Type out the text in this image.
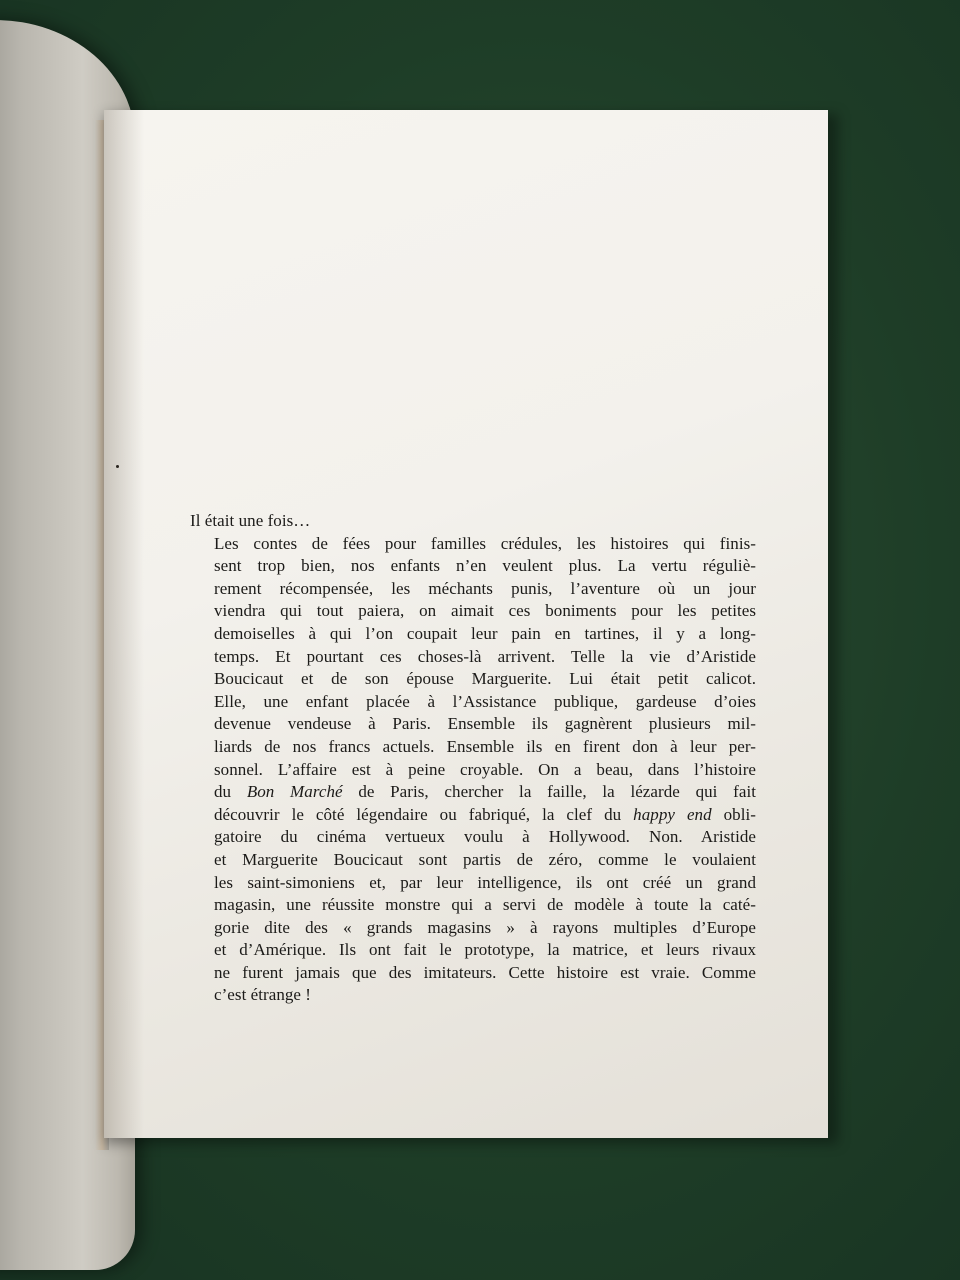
Il était une fois…

Les contes de fées pour familles crédules, les histoires qui finis-
sent trop bien, nos enfants n’en veulent plus. La vertu réguliè-
rement récompensée, les méchants punis, l’aventure où un jour
viendra qui tout paiera, on aimait ces boniments pour les petites
demoiselles à qui l’on coupait leur pain en tartines, il y a long-
temps. Et pourtant ces choses-là arrivent. Telle la vie d’Aristide
Boucicaut et de son épouse Marguerite. Lui était petit calicot.
Elle, une enfant placée à l’Assistance publique, gardeuse d’oies
devenue vendeuse à Paris. Ensemble ils gagnèrent plusieurs mil-
liards de nos francs actuels. Ensemble ils en firent don à leur per-
sonnel. L’affaire est à peine croyable. On a beau, dans l’histoire
du Bon Marché de Paris, chercher la faille, la lézarde qui fait
découvrir le côté légendaire ou fabriqué, la clef du happy end obli-
gatoire du cinéma vertueux voulu à Hollywood. Non. Aristide
et Marguerite Boucicaut sont partis de zéro, comme le voulaient
les saint-simoniens et, par leur intelligence, ils ont créé un grand
magasin, une réussite monstre qui a servi de modèle à toute la caté-
gorie dite des « grands magasins » à rayons multiples d’Europe
et d’Amérique. Ils ont fait le prototype, la matrice, et leurs rivaux
ne furent jamais que des imitateurs. Cette histoire est vraie. Comme
c’est étrange !
